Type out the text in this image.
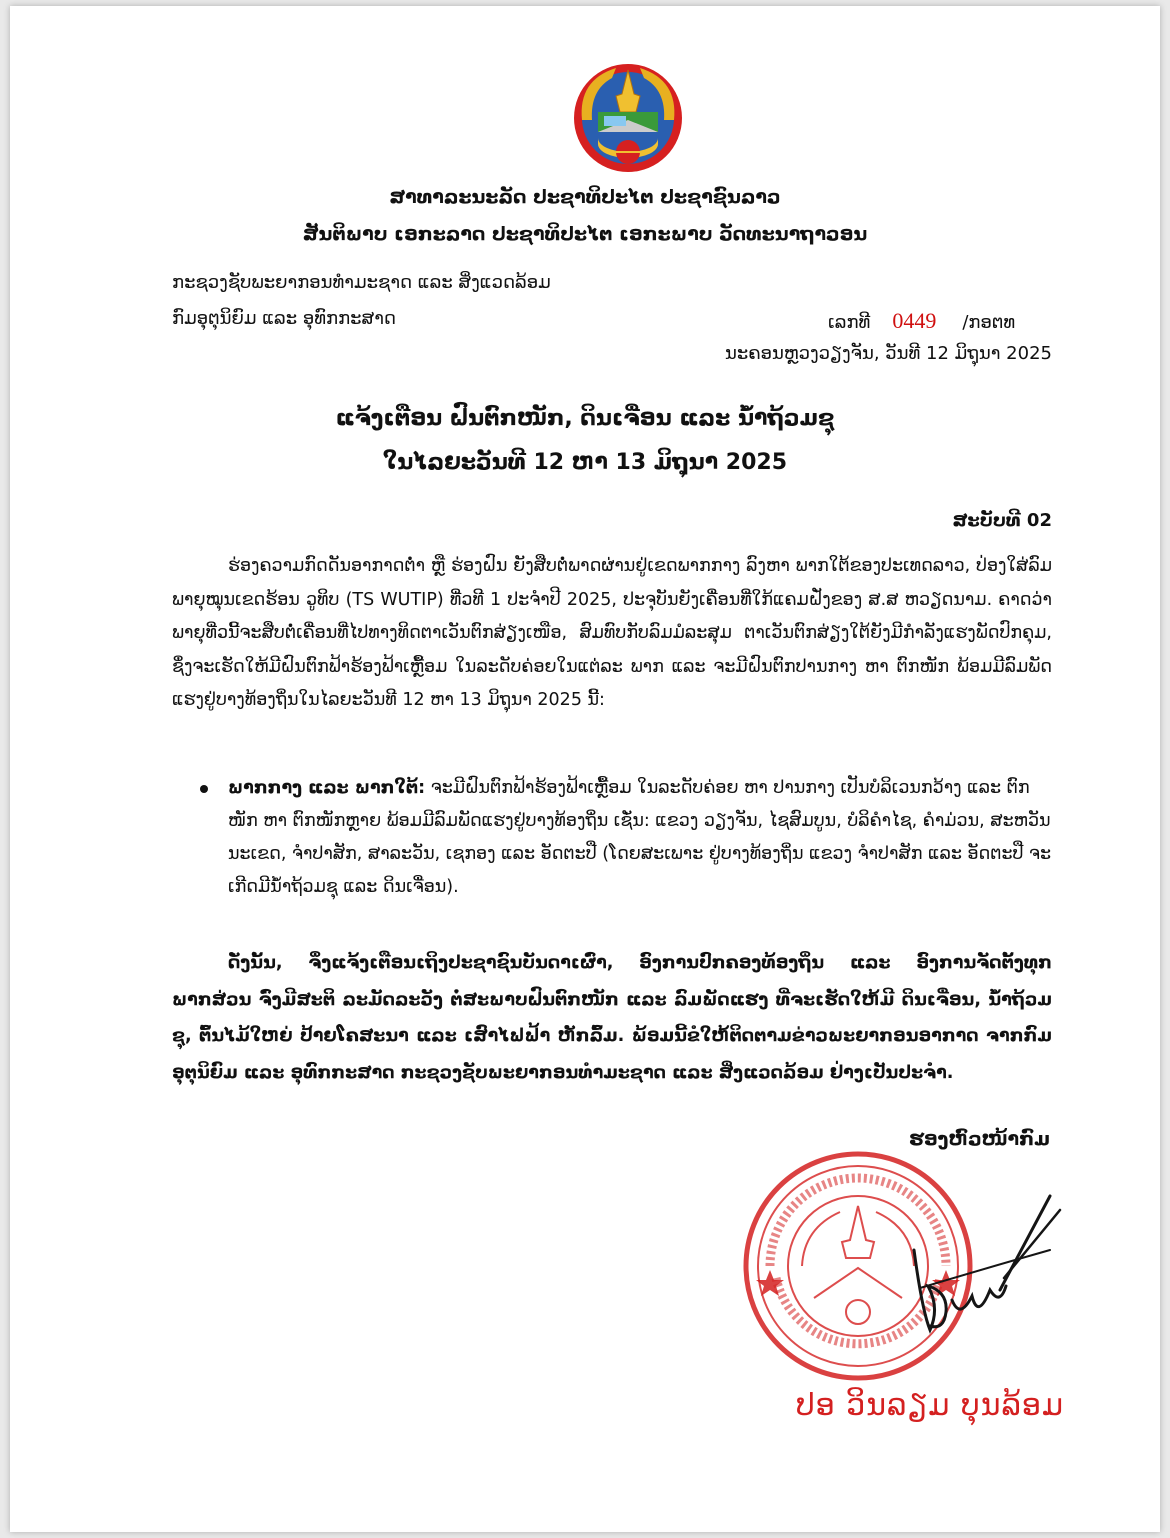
ສາທາລະນະລັດ ປະຊາທິປະໄຕ ປະຊາຊົນລາວ
ສັນຕິພາບ ເອກະລາດ ປະຊາທິປະໄຕ ເອກະພາບ ວັດທະນາຖາວອນ
ກະຊວງຊັບພະຍາກອນທຳມະຊາດ ແລະ ສິ່ງແວດລ້ອມ
ກົມອຸຕຸນິຍົມ ແລະ ອຸທົກກະສາດ	ເລກທີ 0449 /ກອຕທ
ນະຄອນຫຼວງວຽງຈັນ, ວັນທີ 12 ມິຖຸນາ 2025
ແຈ້ງເຕືອນ ຝົນຕົກໜັກ, ດິນເຈື່ອນ ແລະ ນ້ຳຖ້ວມຊຸ
ໃນໄລຍະວັນທີ 12 ຫາ 13 ມິຖຸນາ 2025
ສະບັບທີ 02

ຮ່ອງຄວາມກົດດັນອາກາດຕ່ຳ ຫຼື ຮ່ອງຝົນ ຍັງສືບຕໍ່ພາດຜ່ານຢູ່ເຂດພາກກາງ ລົງຫາ ພາກໃຕ້ຂອງປະເທດລາວ, ປ່ອງໃສ່ລົມພາຍຸໝຸນເຂດຮ້ອນ ວູທິບ (TS WUTIP) ທີ່ວທີ 1 ປະຈຳປີ 2025, ປະຈຸບັນຍັງເຄື່ອນທີ່ໃກ້ແຄມຝັ່ງຂອງ ສ.ສ ຫວຽດນາມ. ຄາດວ່າພາຍຸທີ່ວນີ້ຈະສືບຕໍ່ເຄື່ອນທີ່ໄປທາງທິດຕາເວັນຕົກສ່ຽງເໜືອ, ສົມທົບກັບລົມມໍລະສຸມ ຕາເວັນຕົກສ່ຽງໃຕ້ຍັງມີກຳລັງແຮງພັດປົກຄຸມ, ຊຶ່ງຈະເຮັດໃຫ້ມີຝົນຕົກຟ້າຮ້ອງຟ້າເຫຼື້ອມ ໃນລະດັບຄ່ອຍໃນແຕ່ລະ ພາກ ແລະ ຈະມີຝົນຕົກປານກາງ ຫາ ຕົກໜັກ ພ້ອມມີລົມພັດແຮງຢູ່ບາງທ້ອງຖິ່ນໃນໄລຍະວັນທີ 12 ຫາ 13 ມິຖຸນາ 2025 ນີ້:

ພາກກາງ ແລະ ພາກໃຕ້: ຈະມີຝົນຕົກຟ້າຮ້ອງຟ້າເຫຼື້ອມ ໃນລະດັບຄ່ອຍ ຫາ ປານກາງ ເປັນບໍລິເວນກວ້າງ ແລະ ຕົກໜັກ ຫາ ຕົກໜັກຫຼາຍ ພ້ອມມີລົມພັດແຮງຢູ່ບາງທ້ອງຖິ່ນ ເຊັ່ນ: ແຂວງ ວຽງຈັນ, ໄຊສົມບູນ, ບໍລິຄຳໄຊ, ຄຳມ່ວນ, ສະຫວັນນະເຂດ, ຈຳປາສັກ, ສາລະວັນ, ເຊກອງ ແລະ ອັດຕະປື (ໂດຍສະເພາະ ຢູ່ບາງທ້ອງຖິ່ນ ແຂວງ ຈຳປາສັກ ແລະ ອັດຕະປື ຈະເກີດມີນ້ຳຖ້ວມຊຸ ແລະ ດິນເຈື່ອນ).

ດັ່ງນັ້ນ, ຈຶ່ງແຈ້ງເຕືອນເຖິງປະຊາຊົນບັນດາເຜົ່າ, ອົງການປົກຄອງທ້ອງຖິ່ນ ແລະ ອົງການຈັດຕັ້ງທຸກພາກສ່ວນ ຈົ່ງມີສະຕິ ລະມັດລະວັງ ຕໍ່ສະພາບຝົນຕົກໜັກ ແລະ ລົມພັດແຮງ ທີ່ຈະເຮັດໃຫ້ມີ ດິນເຈື່ອນ, ນ້ຳຖ້ວມຊຸ, ຕົ້ນໄມ້ໃຫຍ່ ປ້າຍໂຄສະນາ ແລະ ເສົາໄຟຟ້າ ຫັກລົ້ມ. ພ້ອມນີ້ຂໍໃຫ້ຕິດຕາມຂ່າວພະຍາກອນອາກາດ ຈາກກົມອຸຕຸນິຍົມ ແລະ ອຸທົກກະສາດ ກະຊວງຊັບພະຍາກອນທຳມະຊາດ ແລະ ສິ່ງແວດລ້ອມ ຢ່າງເປັນປະຈຳ.

ຮອງຫົວໜ້າກົມ
ປອ ວິນລຽມ ບຸນລ້ອມ
